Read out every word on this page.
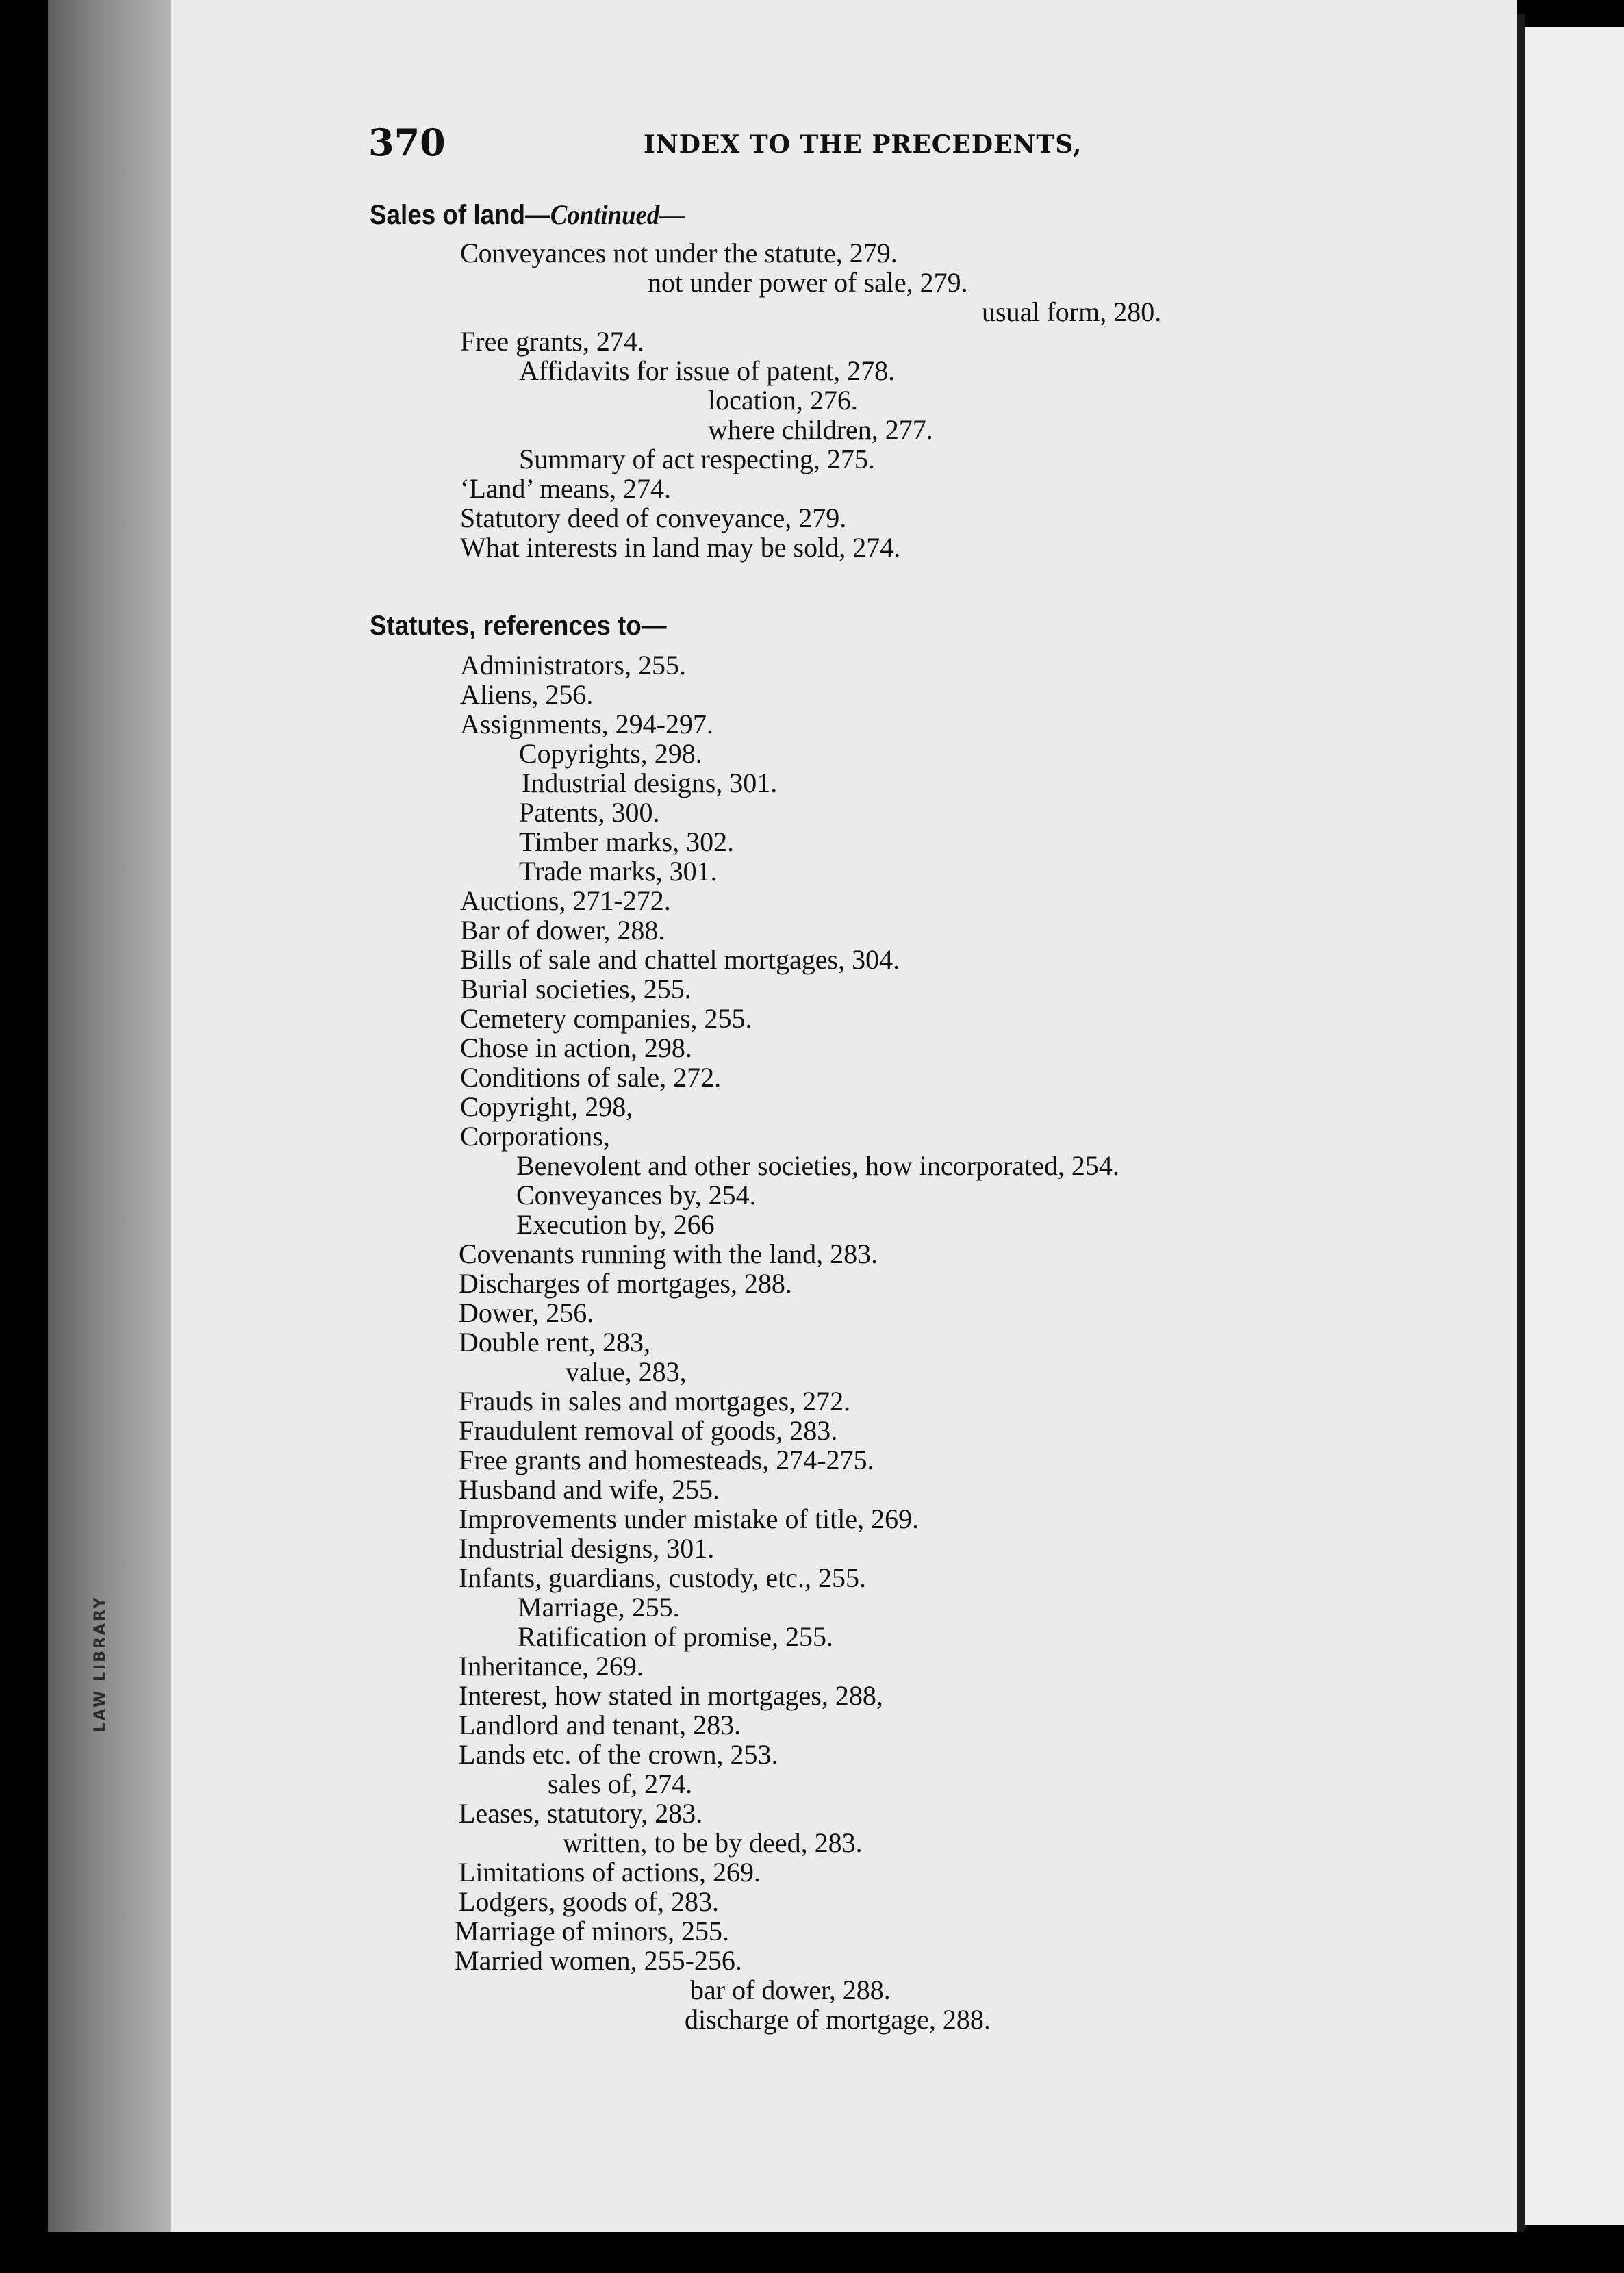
LAW LIBRARY
370	INDEX TO THE PRECEDENTS,
Sales of land—Continued—
Conveyances not under the statute, 279.
not under power of sale, 279.
usual form, 280.
Free grants, 274.
Affidavits for issue of patent, 278.
location, 276.
where children, 277.
Summary of act respecting, 275.
‘Land’ means, 274.
Statutory deed of conveyance, 279.
What interests in land may be sold, 274.
Statutes, references to—
Administrators, 255.
Aliens, 256.
Assignments, 294-297.
Copyrights, 298.
Industrial designs, 301.
Patents, 300.
Timber marks, 302.
Trade marks, 301.
Auctions, 271-272.
Bar of dower, 288.
Bills of sale and chattel mortgages, 304.
Burial societies, 255.
Cemetery companies, 255.
Chose in action, 298.
Conditions of sale, 272.
Copyright, 298,
Corporations,
Benevolent and other societies, how incorporated, 254.
Conveyances by, 254.
Execution by, 266
Covenants running with the land, 283.
Discharges of mortgages, 288.
Dower, 256.
Double rent, 283,
value, 283,
Frauds in sales and mortgages, 272.
Fraudulent removal of goods, 283.
Free grants and homesteads, 274-275.
Husband and wife, 255.
Improvements under mistake of title, 269.
Industrial designs, 301.
Infants, guardians, custody, etc., 255.
Marriage, 255.
Ratification of promise, 255.
Inheritance, 269.
Interest, how stated in mortgages, 288,
Landlord and tenant, 283.
Lands etc. of the crown, 253.
sales of, 274.
Leases, statutory, 283.
written, to be by deed, 283.
Limitations of actions, 269.
Lodgers, goods of, 283.
Marriage of minors, 255.
Married women, 255-256.
bar of dower, 288.
discharge of mortgage, 288.
